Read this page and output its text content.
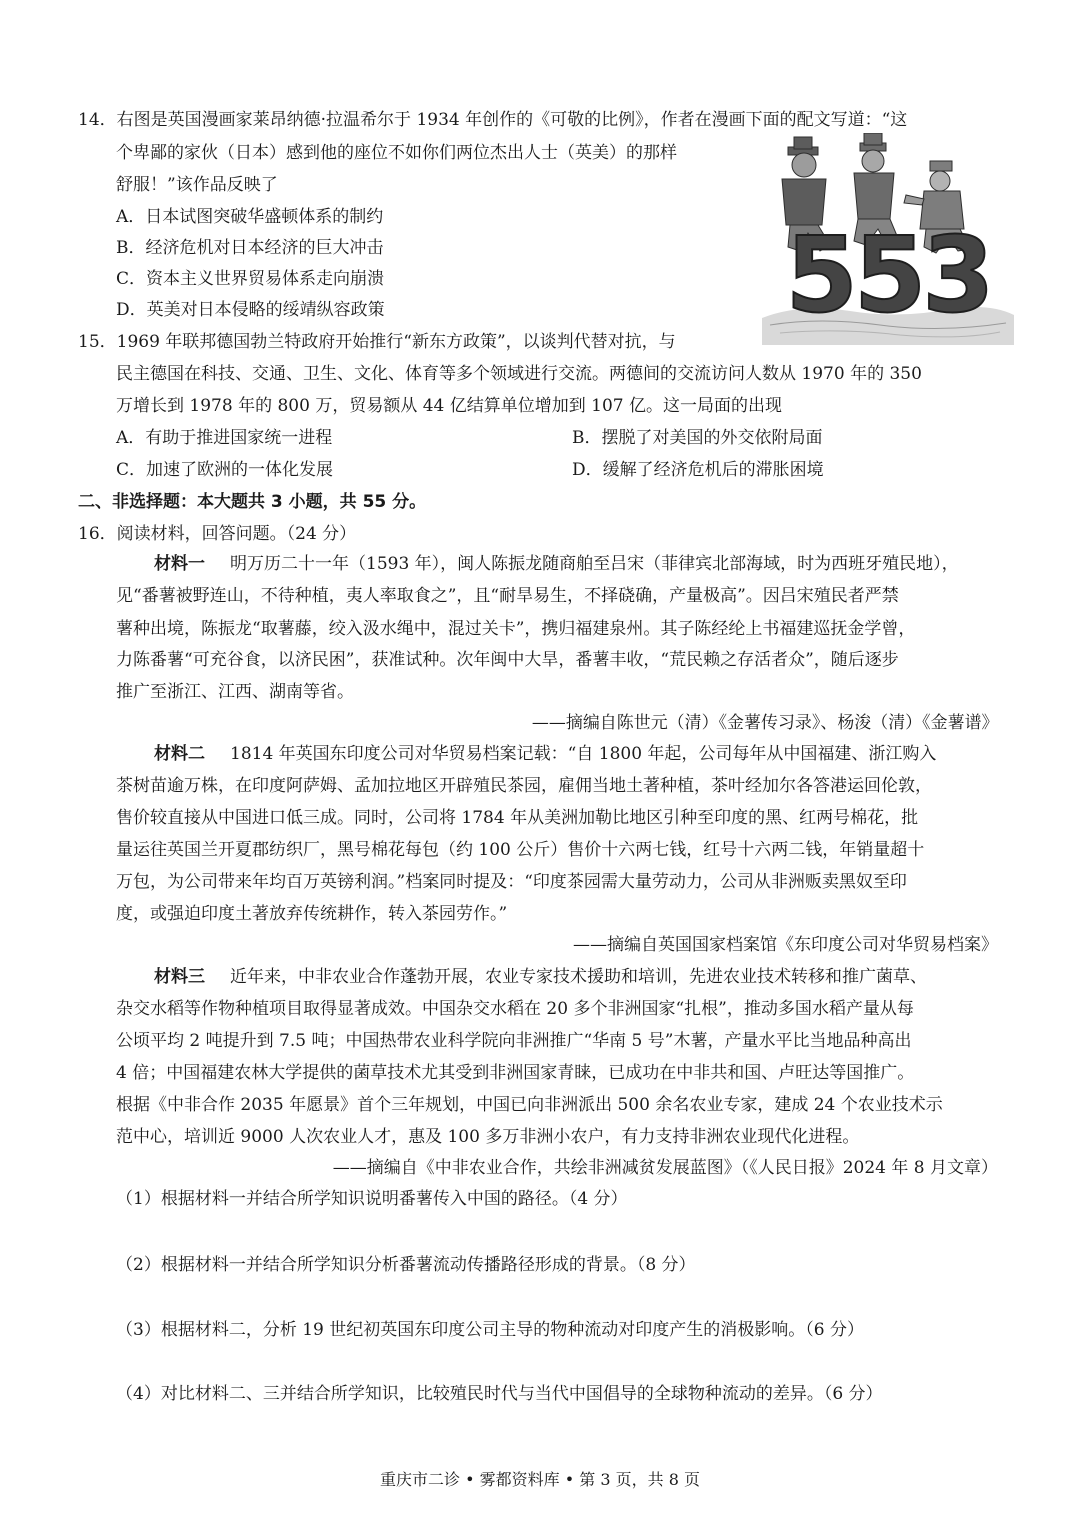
14．右图是英国漫画家莱昂纳德·拉温希尔于 1934 年创作的《可敬的比例》，作者在漫画下面的配文写道：“这
个卑鄙的家伙（日本）感到他的座位不如你们两位杰出人士（英美）的那样
舒服！”该作品反映了
A．日本试图突破华盛顿体系的制约
B．经济危机对日本经济的巨大冲击
C．资本主义世界贸易体系走向崩溃
D．英美对日本侵略的绥靖纵容政策	553
15．1969 年联邦德国勃兰特政府开始推行“新东方政策”，以谈判代替对抗，与
民主德国在科技、交通、卫生、文化、体育等多个领域进行交流。两德间的交流访问人数从 1970 年的 350
万增长到 1978 年的 800 万，贸易额从 44 亿结算单位增加到 107 亿。这一局面的出现
A．有助于推进国家统一进程	B．摆脱了对美国的外交依附局面
C．加速了欧洲的一体化发展	D．缓解了经济危机后的滞胀困境
二、非选择题：本大题共 3 小题，共 55 分。
16．阅读材料，回答问题。（24 分）
材料一 明万历二十一年（1593 年），闽人陈振龙随商舶至吕宋（菲律宾北部海域，时为西班牙殖民地），
见“番薯被野连山，不待种植，夷人率取食之”，且“耐旱易生，不择硗确，产量极高”。因吕宋殖民者严禁
薯种出境，陈振龙“取薯藤，绞入汲水绳中，混过关卡”，携归福建泉州。其子陈经纶上书福建巡抚金学曾，
力陈番薯“可充谷食，以济民困”，获准试种。次年闽中大旱，番薯丰收，“荒民赖之存活者众”，随后逐步
推广至浙江、江西、湖南等省。
——摘编自陈世元（清）《金薯传习录》、杨浚（清）《金薯谱》
材料二 1814 年英国东印度公司对华贸易档案记载：“自 1800 年起，公司每年从中国福建、浙江购入
茶树苗逾万株，在印度阿萨姆、孟加拉地区开辟殖民茶园，雇佣当地土著种植，茶叶经加尔各答港运回伦敦，
售价较直接从中国进口低三成。同时，公司将 1784 年从美洲加勒比地区引种至印度的黑、红两号棉花，批
量运往英国兰开夏郡纺织厂，黑号棉花每包（约 100 公斤）售价十六两七钱，红号十六两二钱，年销量超十
万包，为公司带来年均百万英镑利润。”档案同时提及：“印度茶园需大量劳动力，公司从非洲贩卖黑奴至印
度，或强迫印度土著放弃传统耕作，转入茶园劳作。”
——摘编自英国国家档案馆《东印度公司对华贸易档案》
材料三 近年来，中非农业合作蓬勃开展，农业专家技术援助和培训，先进农业技术转移和推广菌草、
杂交水稻等作物种植项目取得显著成效。中国杂交水稻在 20 多个非洲国家“扎根”，推动多国水稻产量从每
公顷平均 2 吨提升到 7.5 吨；中国热带农业科学院向非洲推广“华南 5 号”木薯，产量水平比当地品种高出
4 倍；中国福建农林大学提供的菌草技术尤其受到非洲国家青睐，已成功在中非共和国、卢旺达等国推广。
根据《中非合作 2035 年愿景》首个三年规划，中国已向非洲派出 500 余名农业专家，建成 24 个农业技术示
范中心，培训近 9000 人次农业人才，惠及 100 多万非洲小农户，有力支持非洲农业现代化进程。
——摘编自《中非农业合作，共绘非洲减贫发展蓝图》（《人民日报》2024 年 8 月文章）
（1）根据材料一并结合所学知识说明番薯传入中国的路径。（4 分）
（2）根据材料一并结合所学知识分析番薯流动传播路径形成的背景。（8 分）
（3）根据材料二，分析 19 世纪初英国东印度公司主导的物种流动对印度产生的消极影响。（6 分）
（4）对比材料二、三并结合所学知识，比较殖民时代与当代中国倡导的全球物种流动的差异。（6 分）
重庆市二诊 • 雾都资料库 • 第 3 页，共 8 页
